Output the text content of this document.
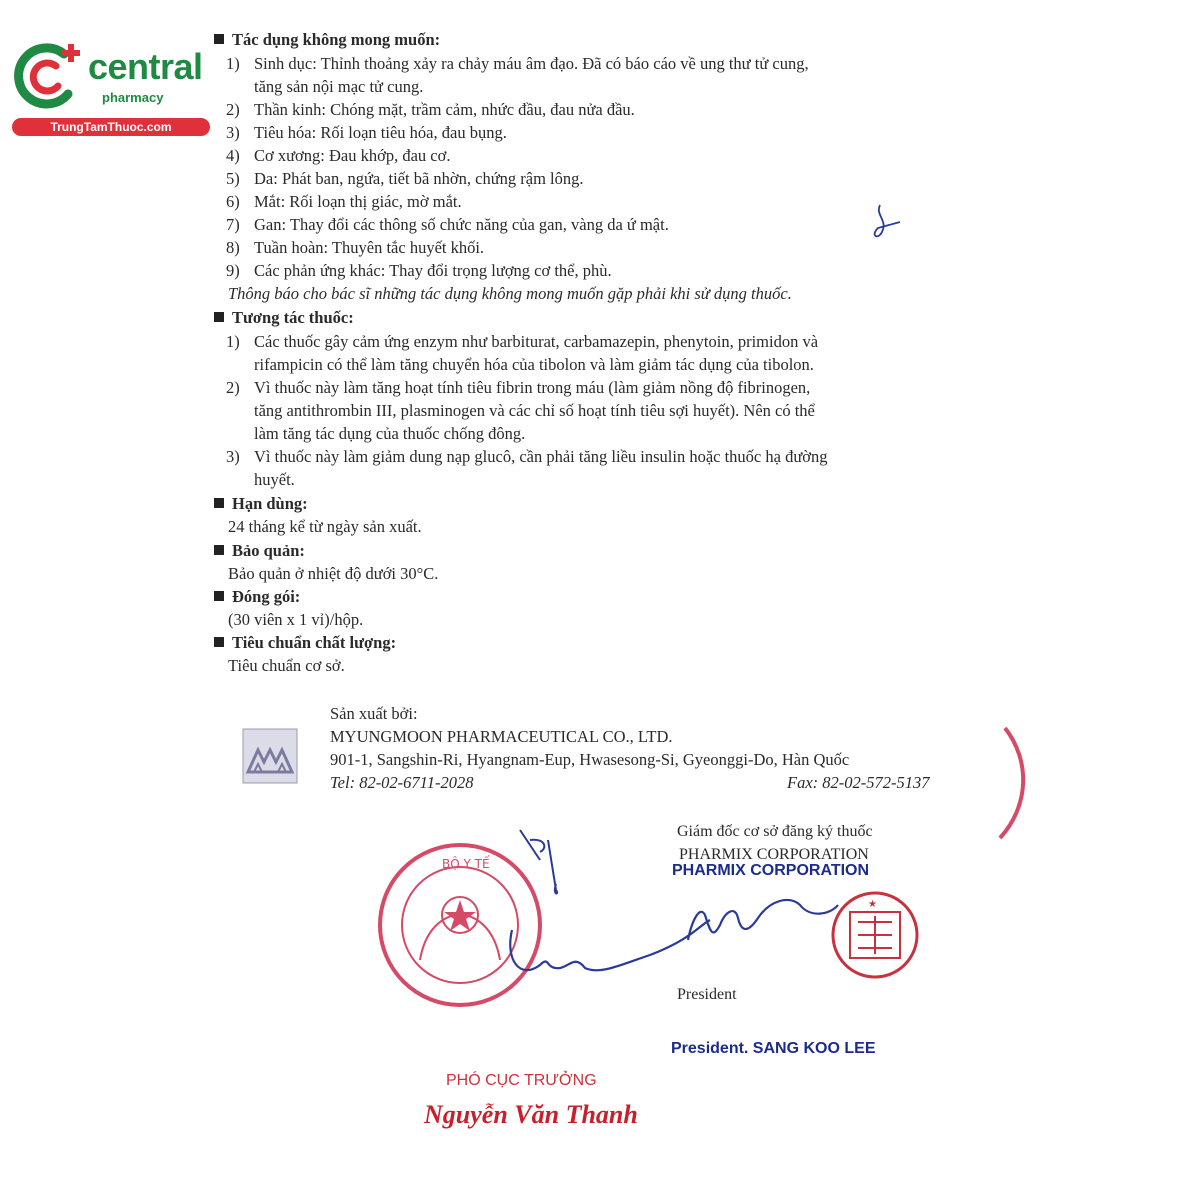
central
pharmacy
TrungTamThuoc.com
Tác dụng không mong muốn:
1) Sinh dục: Thỉnh thoảng xảy ra chảy máu âm đạo. Đã có báo cáo về ung thư tử cung,
tăng sản nội mạc tử cung.
2) Thần kinh: Chóng mặt, trầm cảm, nhức đầu, đau nửa đầu.
3) Tiêu hóa: Rối loạn tiêu hóa, đau bụng.
4) Cơ xương: Đau khớp, đau cơ.
5) Da: Phát ban, ngứa, tiết bã nhờn, chứng rậm lông.
6) Mắt: Rối loạn thị giác, mờ mắt.
7) Gan: Thay đổi các thông số chức năng của gan, vàng da ứ mật.
8) Tuần hoàn: Thuyên tắc huyết khối.
9) Các phản ứng khác: Thay đổi trọng lượng cơ thể, phù.
Thông báo cho bác sĩ những tác dụng không mong muốn gặp phải khi sử dụng thuốc.
Tương tác thuốc:
1) Các thuốc gây cảm ứng enzym như barbiturat, carbamazepin, phenytoin, primidon và
rifampicin có thể làm tăng chuyển hóa của tibolon và làm giảm tác dụng của tibolon.
2) Vì thuốc này làm tăng hoạt tính tiêu fibrin trong máu (làm giảm nồng độ fibrinogen,
tăng antithrombin III, plasminogen và các chỉ số hoạt tính tiêu sợi huyết). Nên có thể
làm tăng tác dụng của thuốc chống đông.
3) Vì thuốc này làm giảm dung nạp glucô, cần phải tăng liều insulin hoặc thuốc hạ đường
huyết.
Hạn dùng:
24 tháng kể từ ngày sản xuất.
Bảo quản:
Bảo quản ở nhiệt độ dưới 30°C.
Đóng gói:
(30 viên x 1 vỉ)/hộp.
Tiêu chuẩn chất lượng:
Tiêu chuẩn cơ sở.
Sản xuất bởi:
MYUNGMOON PHARMACEUTICAL CO., LTD.
901-1, Sangshin-Ri, Hyangnam-Eup, Hwasesong-Si, Gyeonggi-Do, Hàn Quốc
Tel: 82-02-6711-2028	Fax: 82-02-572-5137
Giám đốc cơ sở đăng ký thuốc
PHARMIX CORPORATION
PHARMIX CORPORATION
President
President. SANG KOO LEE
PHÓ CỤC TRƯỞNG
Nguyễn Văn Thanh
BỘ Y TẾ
★
